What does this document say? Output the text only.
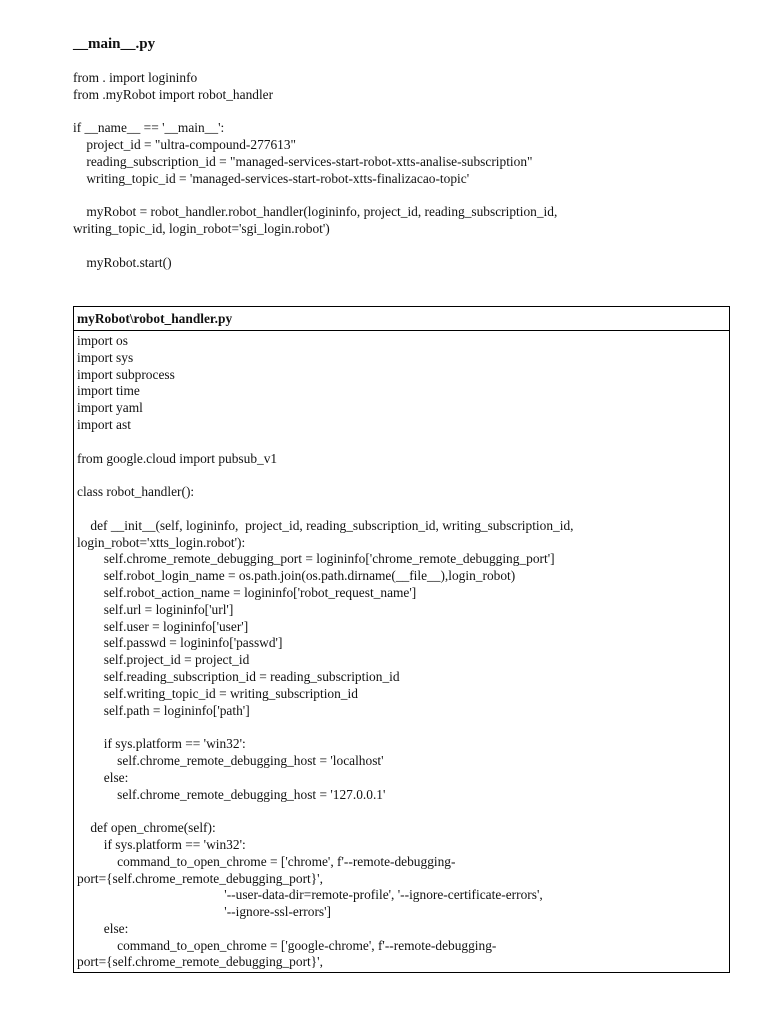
__main__.py
from . import logininfo
from .myRobot import robot_handler
if __name__ == '__main__':
project_id = "ultra-compound-277613"
reading_subscription_id = "managed-services-start-robot-xtts-analise-subscription"
writing_topic_id = 'managed-services-start-robot-xtts-finalizacao-topic'
myRobot = robot_handler.robot_handler(logininfo, project_id, reading_subscription_id,
writing_topic_id, login_robot='sgi_login.robot')
myRobot.start()
myRobot\robot_handler.py
import os
import sys
import subprocess
import time
import yaml
import ast
from google.cloud import pubsub_v1
class robot_handler():
def __init__(self, logininfo,  project_id, reading_subscription_id, writing_subscription_id,
login_robot='xtts_login.robot'):
self.chrome_remote_debugging_port = logininfo['chrome_remote_debugging_port']
self.robot_login_name = os.path.join(os.path.dirname(__file__),login_robot)
self.robot_action_name = logininfo['robot_request_name']
self.url = logininfo['url']
self.user = logininfo['user']
self.passwd = logininfo['passwd']
self.project_id = project_id
self.reading_subscription_id = reading_subscription_id
self.writing_topic_id = writing_subscription_id
self.path = logininfo['path']
if sys.platform == 'win32':
self.chrome_remote_debugging_host = 'localhost'
else:
self.chrome_remote_debugging_host = '127.0.0.1'
def open_chrome(self):
if sys.platform == 'win32':
command_to_open_chrome = ['chrome', f'--remote-debugging-
port={self.chrome_remote_debugging_port}',
'--user-data-dir=remote-profile', '--ignore-certificate-errors',
'--ignore-ssl-errors']
else:
command_to_open_chrome = ['google-chrome', f'--remote-debugging-
port={self.chrome_remote_debugging_port}',
